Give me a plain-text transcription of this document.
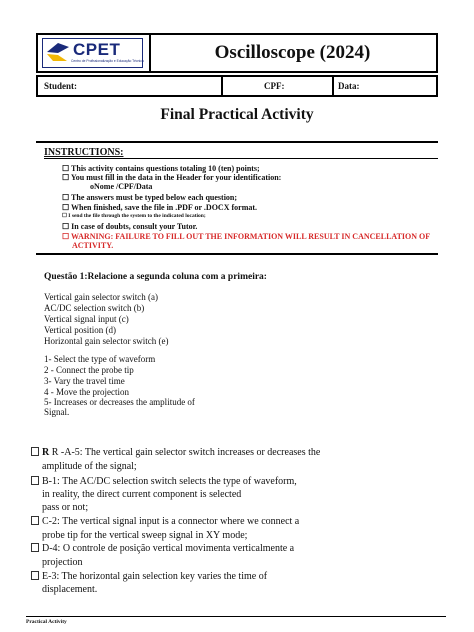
CPET
Centro de Profissionalização e Educação Técnica	Oscilloscope (2024)
Student:	CPF:	Data:
Final Practical Activity
INSTRUCTIONS:
☐ This activity contains questions totaling 10 (ten) points;
☐ You must fill in the data in the Header for your identification:
oNome /CPF/Data
☐ The answers must be typed below each question;
☐ When finished, save the file in .PDF or .DOCX format.
☐ I send the file through the system to the indicated location;
☐ In case of doubts, consult your Tutor.
☐ WARNING: FAILURE TO FILL OUT THE INFORMATION WILL RESULT IN CANCELLATION OF
ACTIVITY.
Questão 1:Relacione a segunda coluna com a primeira:
Vertical gain selector switch (a)
AC/DC selection switch (b)
Vertical signal input (c)
Vertical position (d)
Horizontal gain selector switch (e)
1- Select the type of waveform
2 - Connect the probe tip
3- Vary the travel time
4 - Move the projection
5- Increases or decreases the amplitude of
Signal.
R R -A-5: The vertical gain selector switch increases or decreases the
amplitude of the signal;
B-1: The AC/DC selection switch selects the type of waveform,
in reality, the direct current component is selected
pass or not;
C-2: The vertical signal input is a connector where we connect a
probe tip for the vertical sweep signal in XY mode;
D-4: O controle de posição vertical movimenta verticalmente a
projection
E-3: The horizontal gain selection key varies the time of
displacement.
Practical Activity
